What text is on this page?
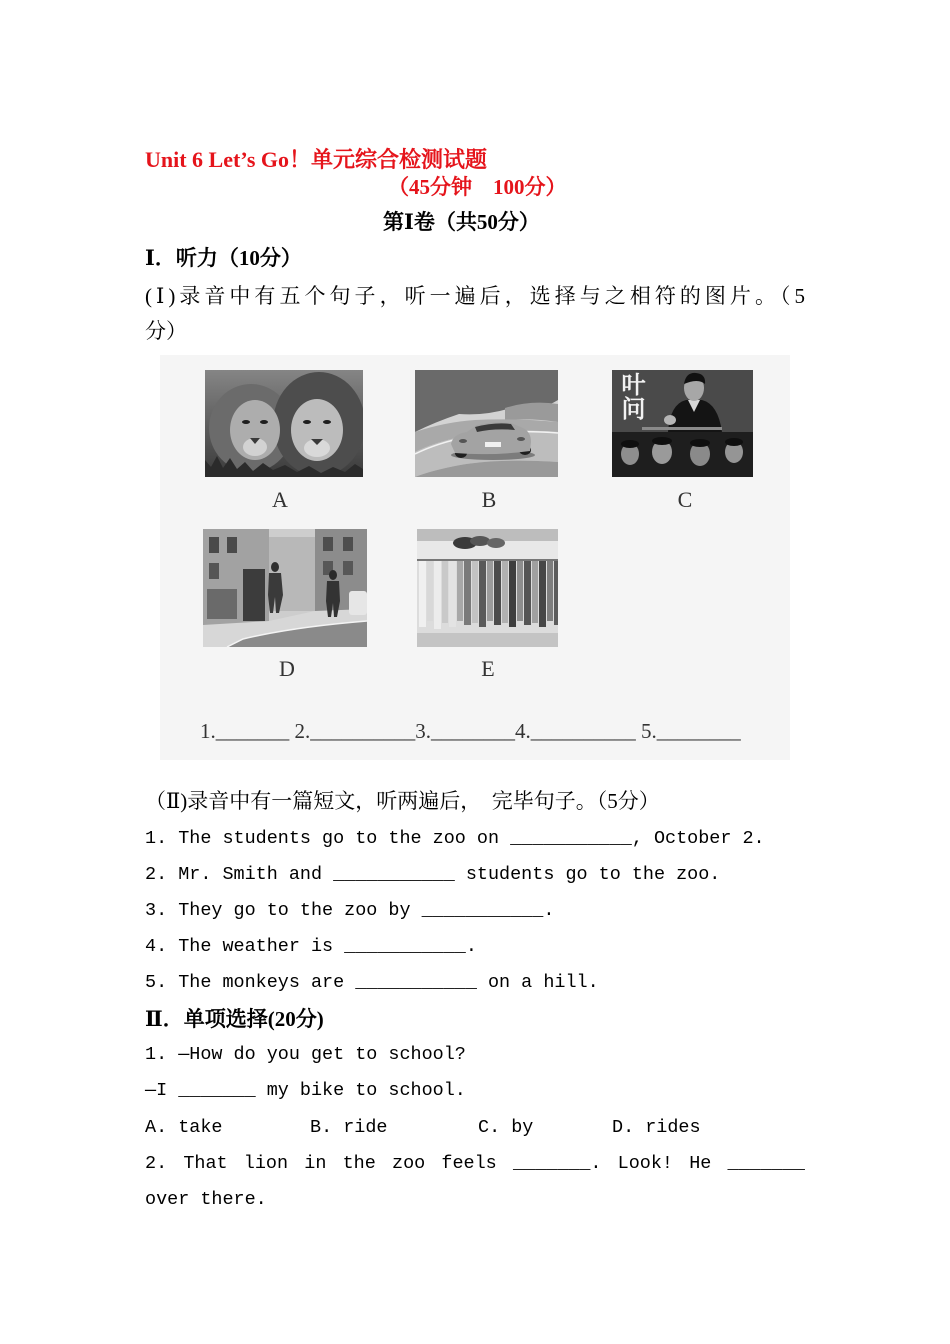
Unit 6 Let’s Go！单元综合检测试题
（45分钟　100分）
第Ⅰ卷（共50分）
Ⅰ．听力（10分）
(Ⅰ)录音中有五个句子，听一遍后，选择与之相符的图片。（5
分）
A	B
叶问
C
D	E
1._______ 2.__________3.________4.__________ 5.________
（Ⅱ)录音中有一篇短文，听两遍后，　完毕句子。（5分）
1. The students go to the zoo on ___________, October 2.
2. Mr. Smith and ___________ students go to the zoo.
3. They go to the zoo by ___________.
4. The weather is ___________.
5. The monkeys are ___________ on a hill.
Ⅱ．单项选择(20分)
1. —How do you get to school?
—I _______ my bike to school.
A. take	B. ride	C. by	D. rides
2. That lion in the zoo feels _______. Look! He _______
over there.
